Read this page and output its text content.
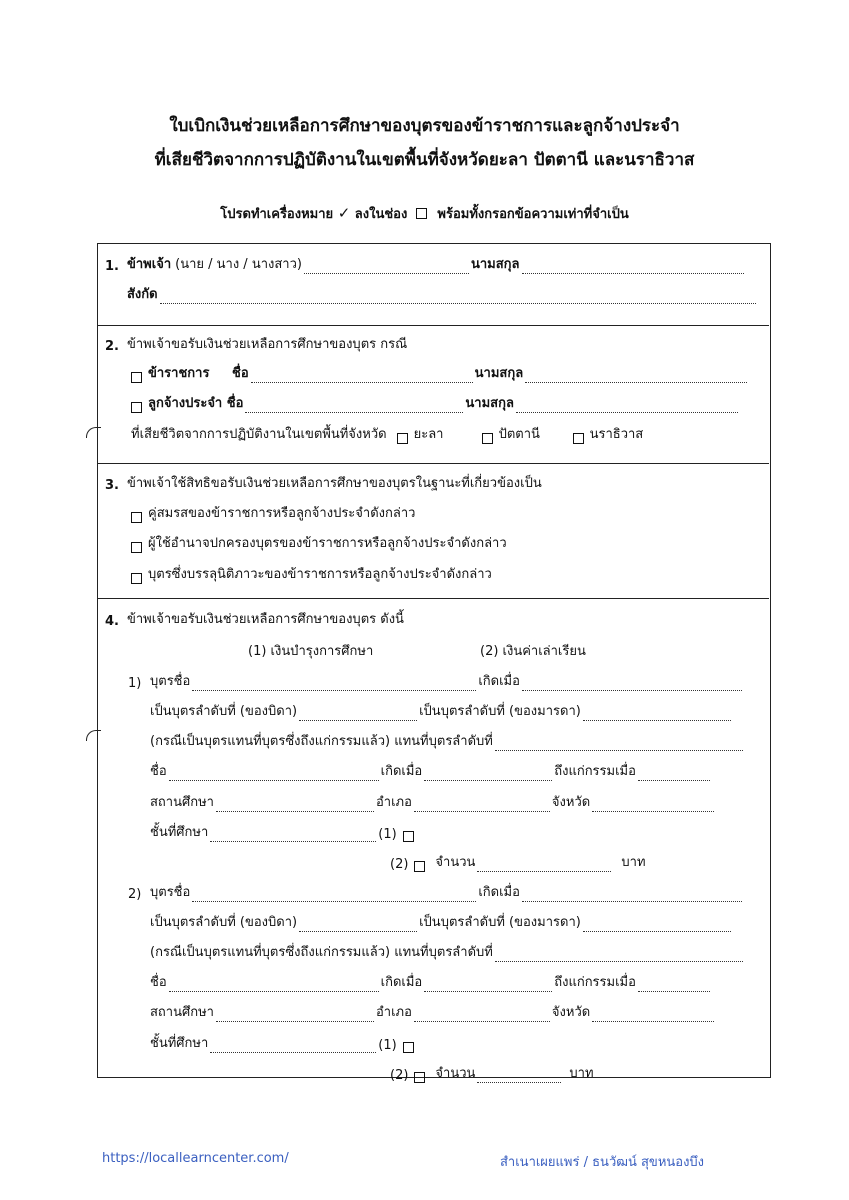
ใบเบิกเงินช่วยเหลือการศึกษาของบุตรของข้าราชการและลูกจ้างประจำ
ที่เสียชีวิตจากการปฏิบัติงานในเขตพื้นที่จังหวัดยะลา ปัตตานี และนราธิวาส
โปรดทำเครื่องหมาย ✓ ลงในช่อง พร้อมทั้งกรอกข้อความเท่าที่จำเป็น
1. ข้าพเจ้า (นาย / นาง / นางสาว)	นามสกุล
สังกัด
2. ข้าพเจ้าขอรับเงินช่วยเหลือการศึกษาของบุตร กรณี
ข้าราชการ	ชื่อ	นามสกุล
ลูกจ้างประจำ ชื่อ	นามสกุล
ที่เสียชีวิตจากการปฏิบัติงานในเขตพื้นที่จังหวัด ยะลา	ปัตตานี	นราธิวาส
3. ข้าพเจ้าใช้สิทธิขอรับเงินช่วยเหลือการศึกษาของบุตรในฐานะที่เกี่ยวข้องเป็น
คู่สมรสของข้าราชการหรือลูกจ้างประจำดังกล่าว
ผู้ใช้อำนาจปกครองบุตรของข้าราชการหรือลูกจ้างประจำดังกล่าว
บุตรซึ่งบรรลุนิติภาวะของข้าราชการหรือลูกจ้างประจำดังกล่าว
4. ข้าพเจ้าขอรับเงินช่วยเหลือการศึกษาของบุตร ดังนี้
(1) เงินบำรุงการศึกษา	(2) เงินค่าเล่าเรียน
1) บุตรชื่อ	เกิดเมื่อ
เป็นบุตรลำดับที่ (ของบิดา)	เป็นบุตรลำดับที่ (ของมารดา)
(กรณีเป็นบุตรแทนที่บุตรซึ่งถึงแก่กรรมแล้ว) แทนที่บุตรลำดับที่
ชื่อ	เกิดเมื่อ	ถึงแก่กรรมเมื่อ
สถานศึกษา	อำเภอ	จังหวัด
ชั้นที่ศึกษา	(1)
(2) จำนวน	บาท
2) บุตรชื่อ	เกิดเมื่อ
เป็นบุตรลำดับที่ (ของบิดา)	เป็นบุตรลำดับที่ (ของมารดา)
(กรณีเป็นบุตรแทนที่บุตรซึ่งถึงแก่กรรมแล้ว) แทนที่บุตรลำดับที่
ชื่อ	เกิดเมื่อ	ถึงแก่กรรมเมื่อ
สถานศึกษา	อำเภอ	จังหวัด
ชั้นที่ศึกษา	(1)
(2) จำนวน	บาท
https://locallearncenter.com/	สำเนาเผยแพร่ / ธนวัฒน์ สุขหนองบึง
